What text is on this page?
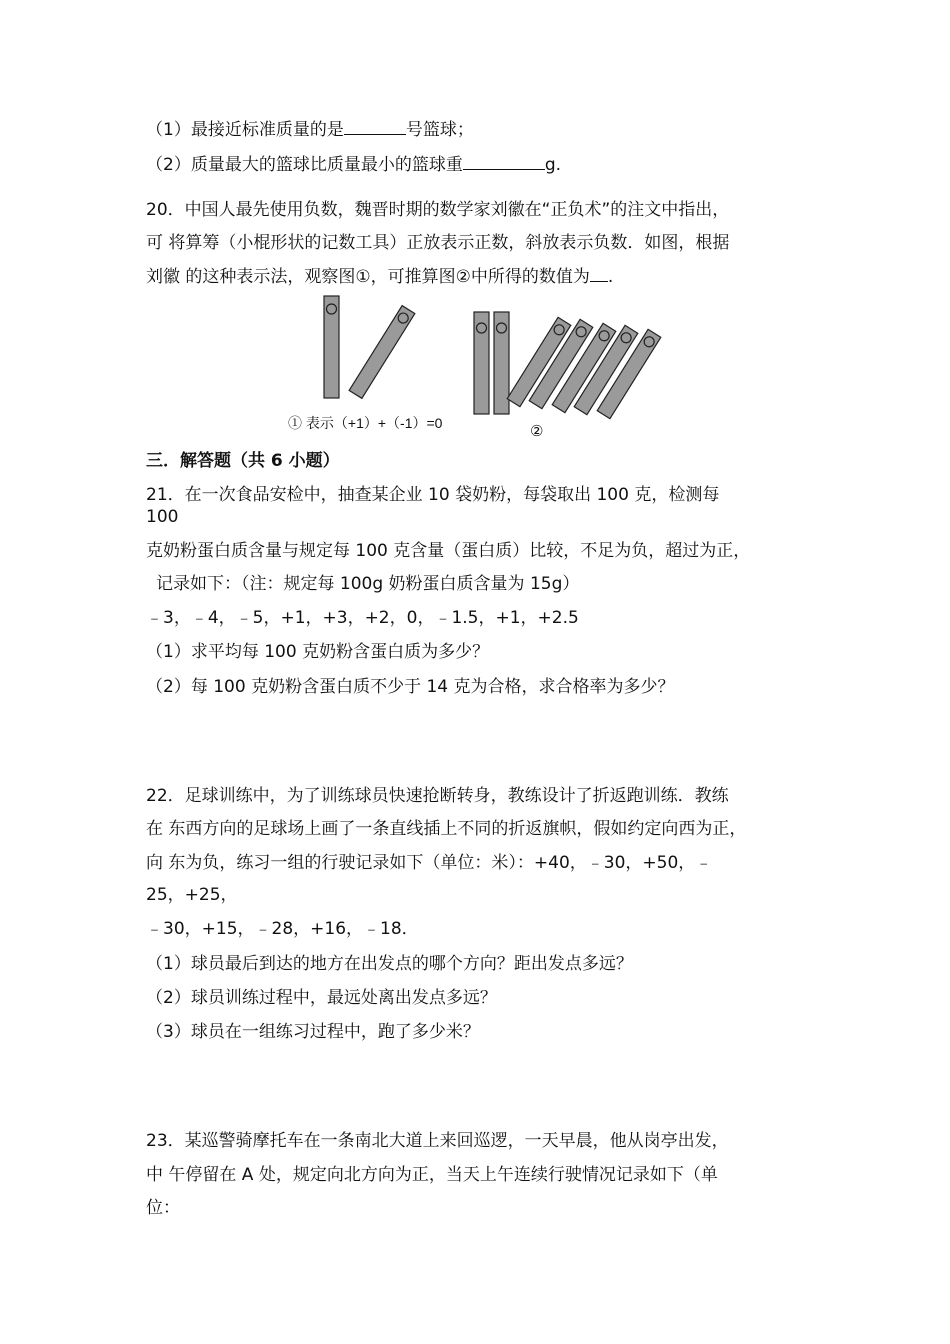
（1）最接近标准质量的是	号篮球；
（2）质量最大的篮球比质量最小的篮球重	g.
20．中国人最先使用负数，魏晋时期的数学家刘徽在“正负术”的注文中指出，
可 将算筹（小棍形状的记数工具）正放表示正数，斜放表示负数．如图，根据
刘徽 的这种表示法，观察图①，可推算图②中所得的数值为 .
① 表示（+1）+（-1）=0	②
三．解答题（共 6 小题）
21．在一次食品安检中，抽查某企业 10 袋奶粉，每袋取出 100 克，检测每
100
克奶粉蛋白质含量与规定每 100 克含量（蛋白质）比较，不足为负，超过为正，
记录如下：（注：规定每 100g 奶粉蛋白质含量为 15g）
﹣3，﹣4，﹣5，+1，+3，+2，0，﹣1.5，+1，+2.5
（1）求平均每 100 克奶粉含蛋白质为多少？
（2）每 100 克奶粉含蛋白质不少于 14 克为合格，求合格率为多少？
22．足球训练中，为了训练球员快速抢断转身，教练设计了折返跑训练．教练
在 东西方向的足球场上画了一条直线插上不同的折返旗帜，假如约定向西为正，
向 东为负，练习一组的行驶记录如下（单位：米）：+40，﹣30，+50，﹣
25，+25，
﹣30，+15，﹣28，+16，﹣18．
（1）球员最后到达的地方在出发点的哪个方向？距出发点多远？
（2）球员训练过程中，最远处离出发点多远？
（3）球员在一组练习过程中，跑了多少米？
23．某巡警骑摩托车在一条南北大道上来回巡逻，一天早晨，他从岗亭出发，
中 午停留在 A 处，规定向北方向为正，当天上午连续行驶情况记录如下（单
位：
